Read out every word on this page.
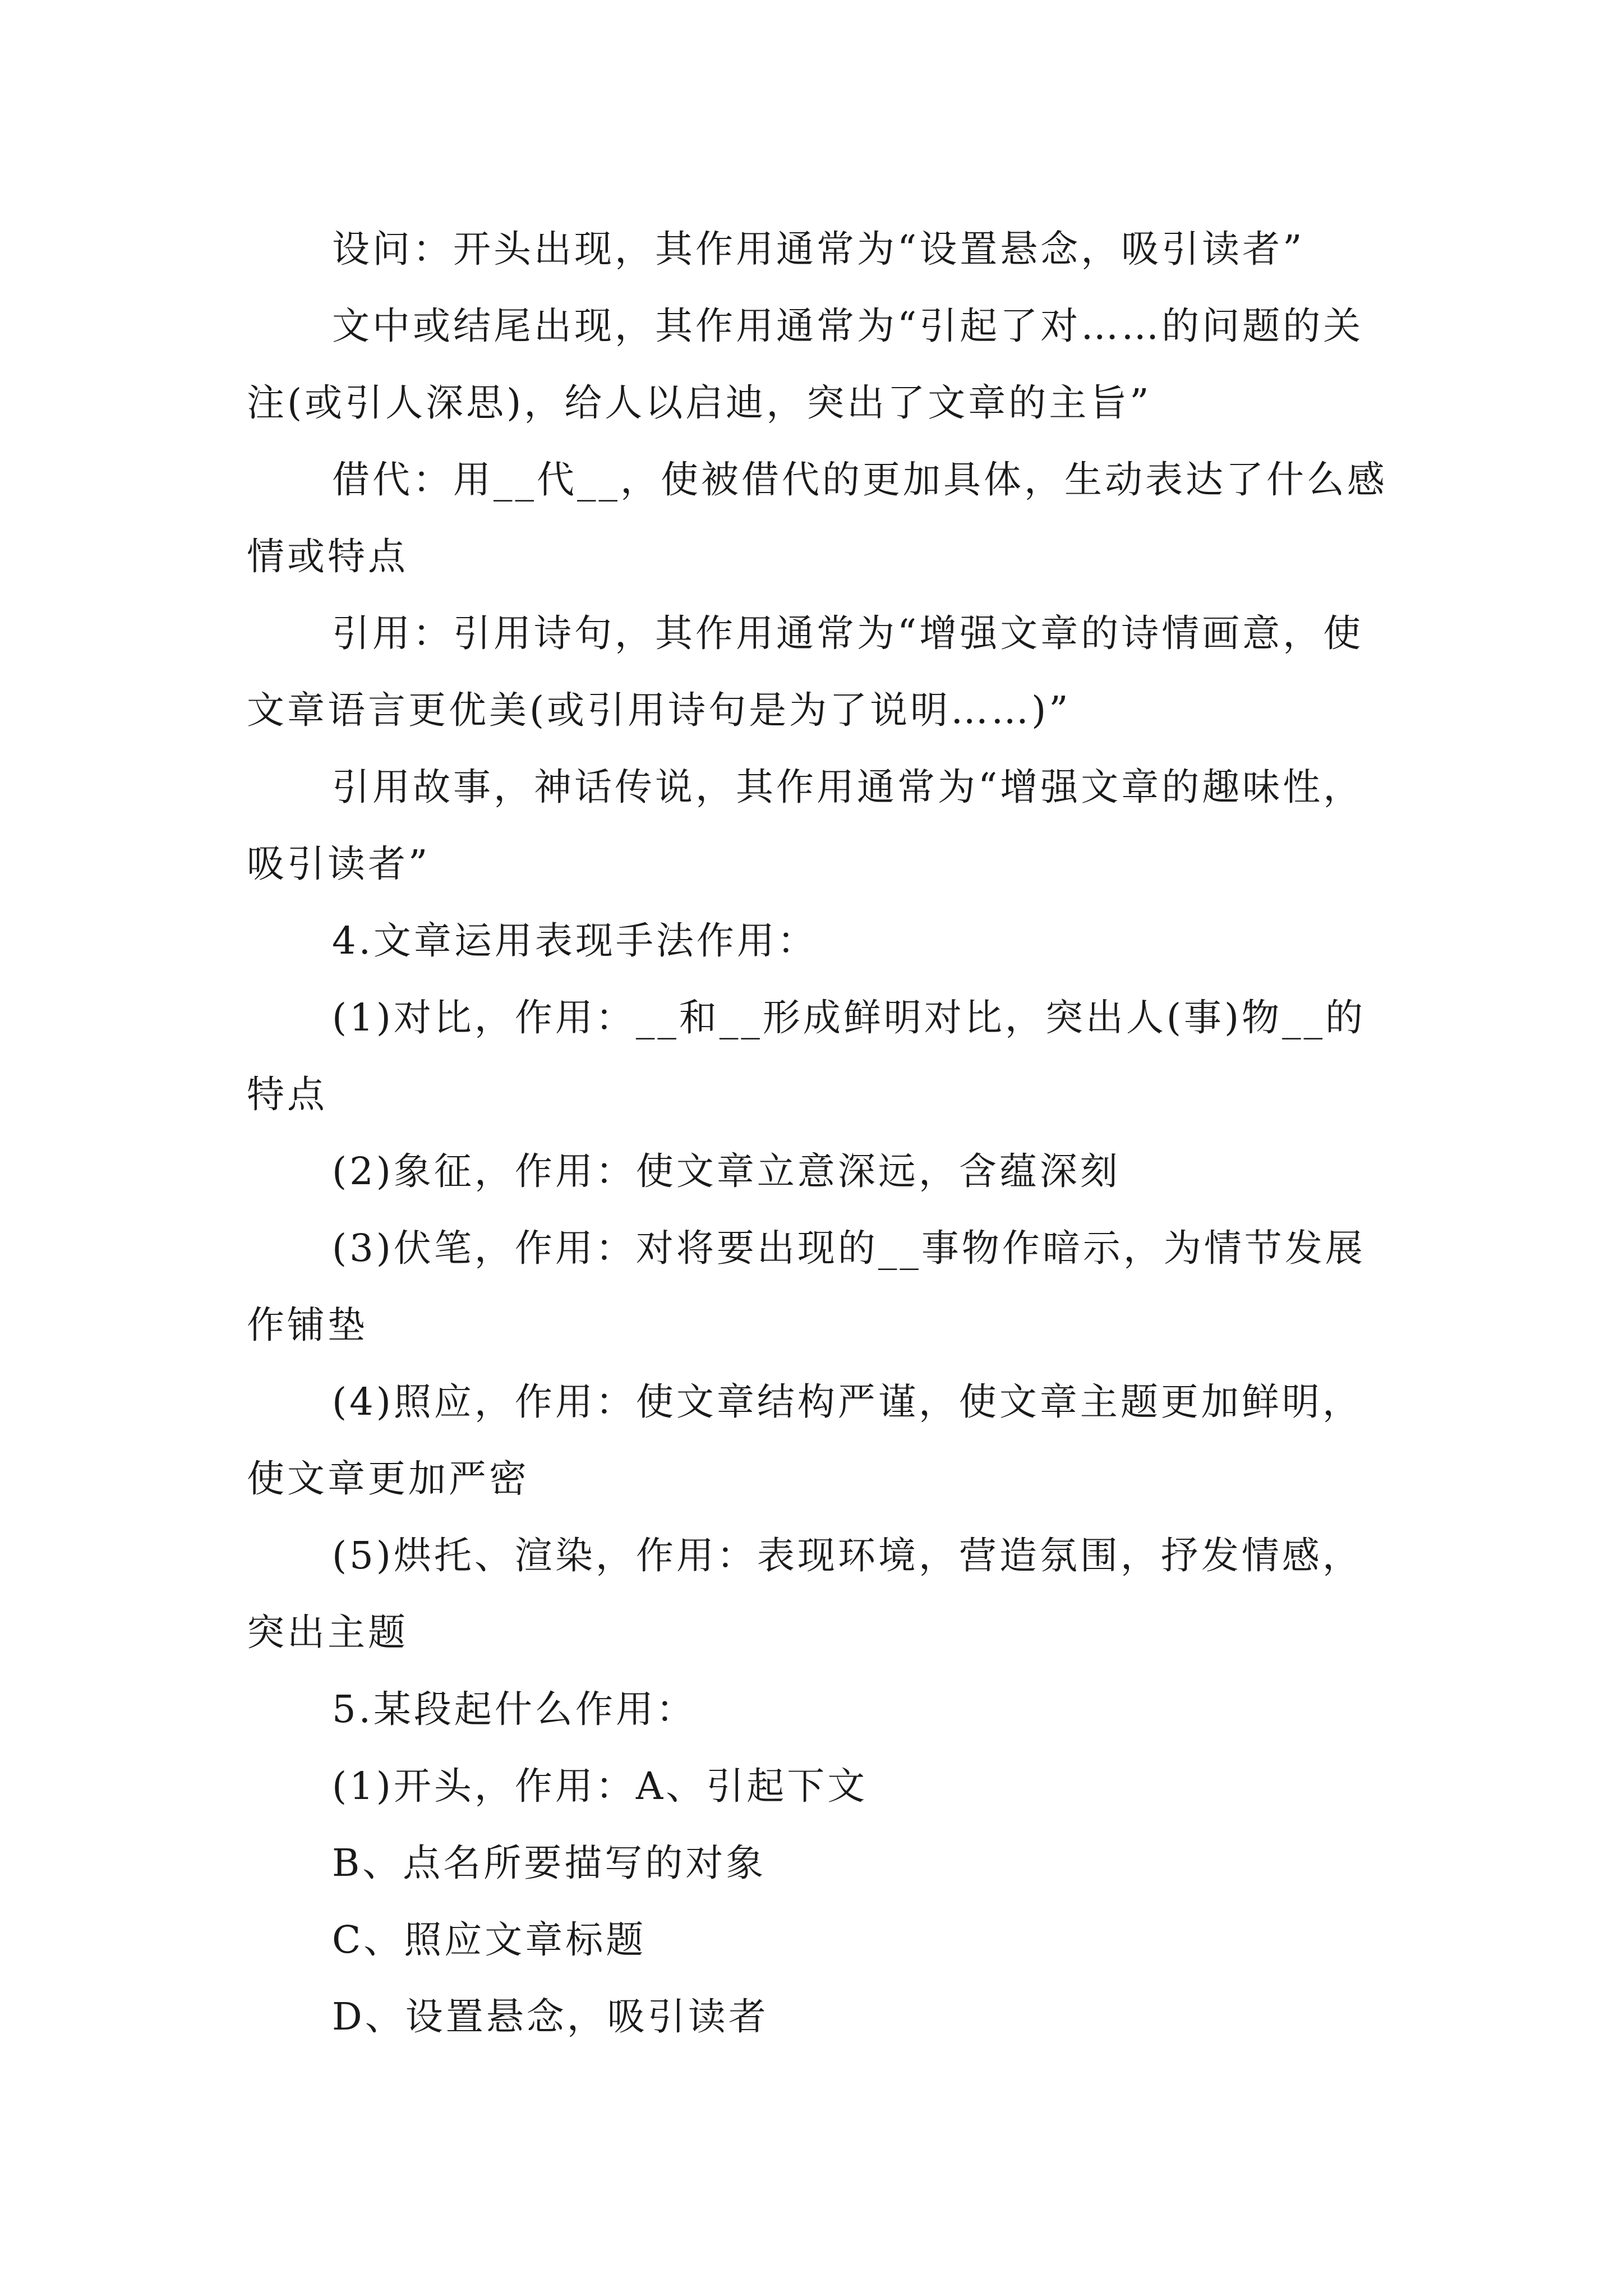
设问：开头出现，其作用通常为“设置悬念，吸引读者”

文中或结尾出现，其作用通常为“引起了对……的问题的关注(或引人深思)，给人以启迪，突出了文章的主旨”

借代：用__代__，使被借代的更加具体，生动表达了什么感情或特点

引用：引用诗句，其作用通常为“增强文章的诗情画意，使文章语言更优美(或引用诗句是为了说明……)”

引用故事，神话传说，其作用通常为“增强文章的趣味性，吸引读者”

4.文章运用表现手法作用：

(1)对比，作用：__和__形成鲜明对比，突出人(事)物__的特点

(2)象征，作用：使文章立意深远，含蕴深刻

(3)伏笔，作用：对将要出现的__事物作暗示，为情节发展作铺垫

(4)照应，作用：使文章结构严谨，使文章主题更加鲜明，使文章更加严密

(5)烘托、渲染，作用：表现环境，营造氛围，抒发情感，突出主题

5.某段起什么作用：

(1)开头，作用：A、引起下文

B、点名所要描写的对象

C、照应文章标题

D、设置悬念，吸引读者
